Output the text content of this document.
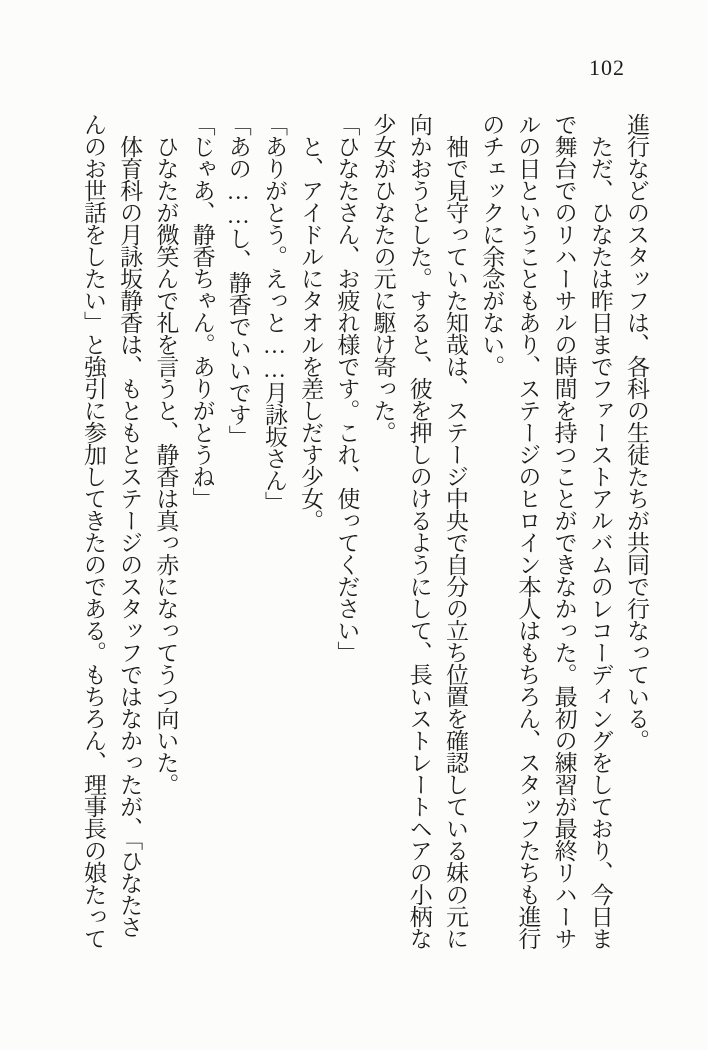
102
進行などのスタッフは、各科の生徒たちが共同で行なっている。
ただ、ひなたは昨日までファーストアルバムのレコーディングをしており、今日ま
で舞台でのリハーサルの時間を持つことができなかった。最初の練習が最終リハーサ
ルの日ということもあり、ステージのヒロイン本人はもちろん、スタッフたちも進行
のチェックに余念がない。
袖で見守っていた知哉は、ステージ中央で自分の立ち位置を確認している妹の元に
向かおうとした。すると、彼を押しのけるようにして、長いストレートヘアの小柄な
少女がひなたの元に駆け寄った。
「ひなたさん、お疲れ様です。これ、使ってください」
と、アイドルにタオルを差しだす少女。
「ありがとう。えっと……月詠坂さん」
「あの……し、静香でいいです」
「じゃあ、静香ちゃん。ありがとうね」
ひなたが微笑んで礼を言うと、静香は真っ赤になってうつ向いた。
体育科の月詠坂静香は、もともとステージのスタッフではなかったが、「ひなたさ
んのお世話をしたい」と強引に参加してきたのである。もちろん、理事長の娘たって
